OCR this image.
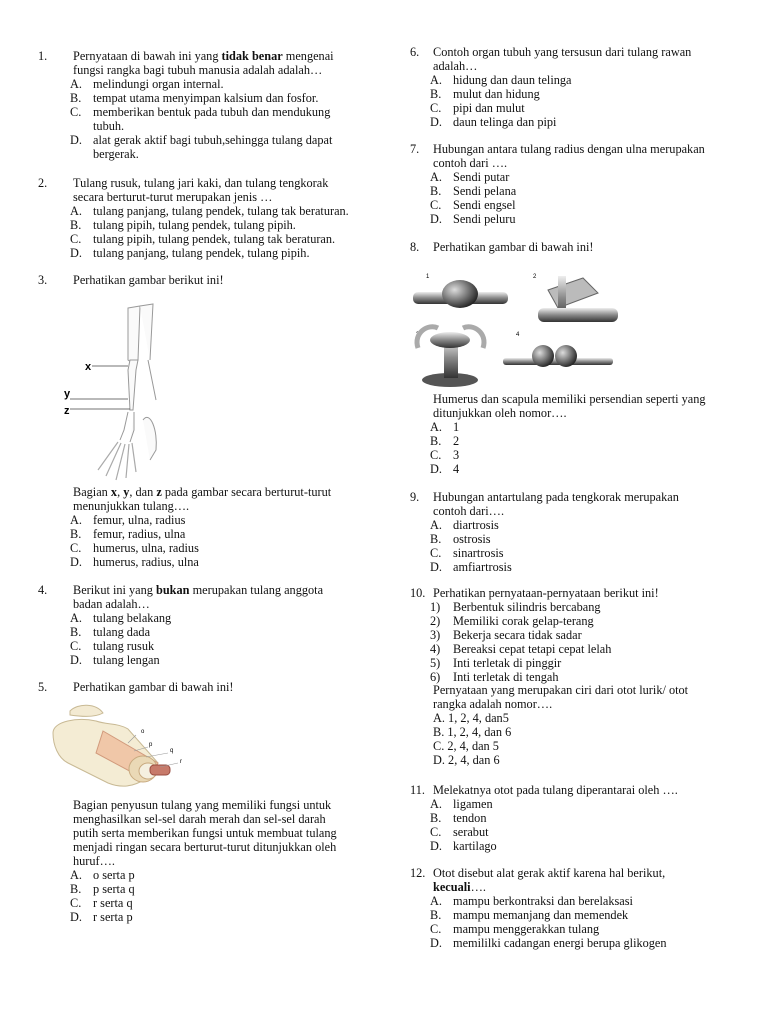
x
y
z
o
p
q
r
1	2
3	4
1. Pernyataan di bawah ini yang tidak benar mengenai
fungsi rangka bagi tubuh manusia adalah adalah…
A. melindungi organ internal.
B. tempat utama menyimpan kalsium dan fosfor.
C. memberikan bentuk pada tubuh dan mendukung
tubuh.
D. alat gerak aktif bagi tubuh,sehingga tulang dapat
bergerak.
2. Tulang rusuk, tulang jari kaki, dan tulang tengkorak
secara berturut-turut merupakan jenis …
A. tulang panjang, tulang pendek, tulang tak beraturan.
B. tulang pipih, tulang pendek, tulang pipih.
C. tulang pipih, tulang pendek, tulang tak beraturan.
D. tulang panjang, tulang pendek, tulang pipih.
3. Perhatikan gambar berikut ini!
Bagian x, y, dan z pada gambar secara berturut-turut
menunjukkan tulang….
A. femur, ulna, radius
B. femur, radius, ulna
C. humerus, ulna, radius
D. humerus, radius, ulna
4. Berikut ini yang bukan merupakan tulang anggota
badan adalah…
A. tulang belakang
B. tulang dada
C. tulang rusuk
D. tulang lengan
5. Perhatikan gambar di bawah ini!
Bagian penyusun tulang yang memiliki fungsi untuk
menghasilkan sel-sel darah merah dan sel-sel darah
putih serta memberikan fungsi untuk membuat tulang
menjadi ringan secara berturut-turut ditunjukkan oleh
huruf….
A. o serta p
B. p serta q
C. r serta q
D. r serta p
6. Contoh organ tubuh yang tersusun dari tulang rawan
adalah…
A. hidung dan daun telinga
B. mulut dan hidung
C. pipi dan mulut
D. daun telinga dan pipi
7. Hubungan antara tulang radius dengan ulna merupakan
contoh dari ….
A. Sendi putar
B. Sendi pelana
C. Sendi engsel
D. Sendi peluru
8. Perhatikan gambar di bawah ini!
Humerus dan scapula memiliki persendian seperti yang
ditunjukkan oleh nomor….
A. 1
B. 2
C. 3
D. 4
9. Hubungan antartulang pada tengkorak merupakan
contoh dari….
A. diartrosis
B. ostrosis
C. sinartrosis
D. amfiartrosis
10. Perhatikan pernyataan-pernyataan berikut ini!
1) Berbentuk silindris bercabang
2) Memiliki corak gelap-terang
3) Bekerja secara tidak sadar
4) Bereaksi cepat tetapi cepat lelah
5) Inti terletak di pinggir
6) Inti terletak di tengah
Pernyataan yang merupakan ciri dari otot lurik/ otot
rangka adalah nomor….
A. 1, 2, 4, dan5
B. 1, 2, 4, dan 6
C. 2, 4, dan 5
D. 2, 4, dan 6
11. Melekatnya otot pada tulang diperantarai oleh ….
A. ligamen
B. tendon
C. serabut
D. kartilago
12. Otot disebut alat gerak aktif karena hal berikut,
kecuali….
A. mampu berkontraksi dan berelaksasi
B. mampu memanjang dan memendek
C. mampu menggerakkan tulang
D. memililki cadangan energi berupa glikogen
